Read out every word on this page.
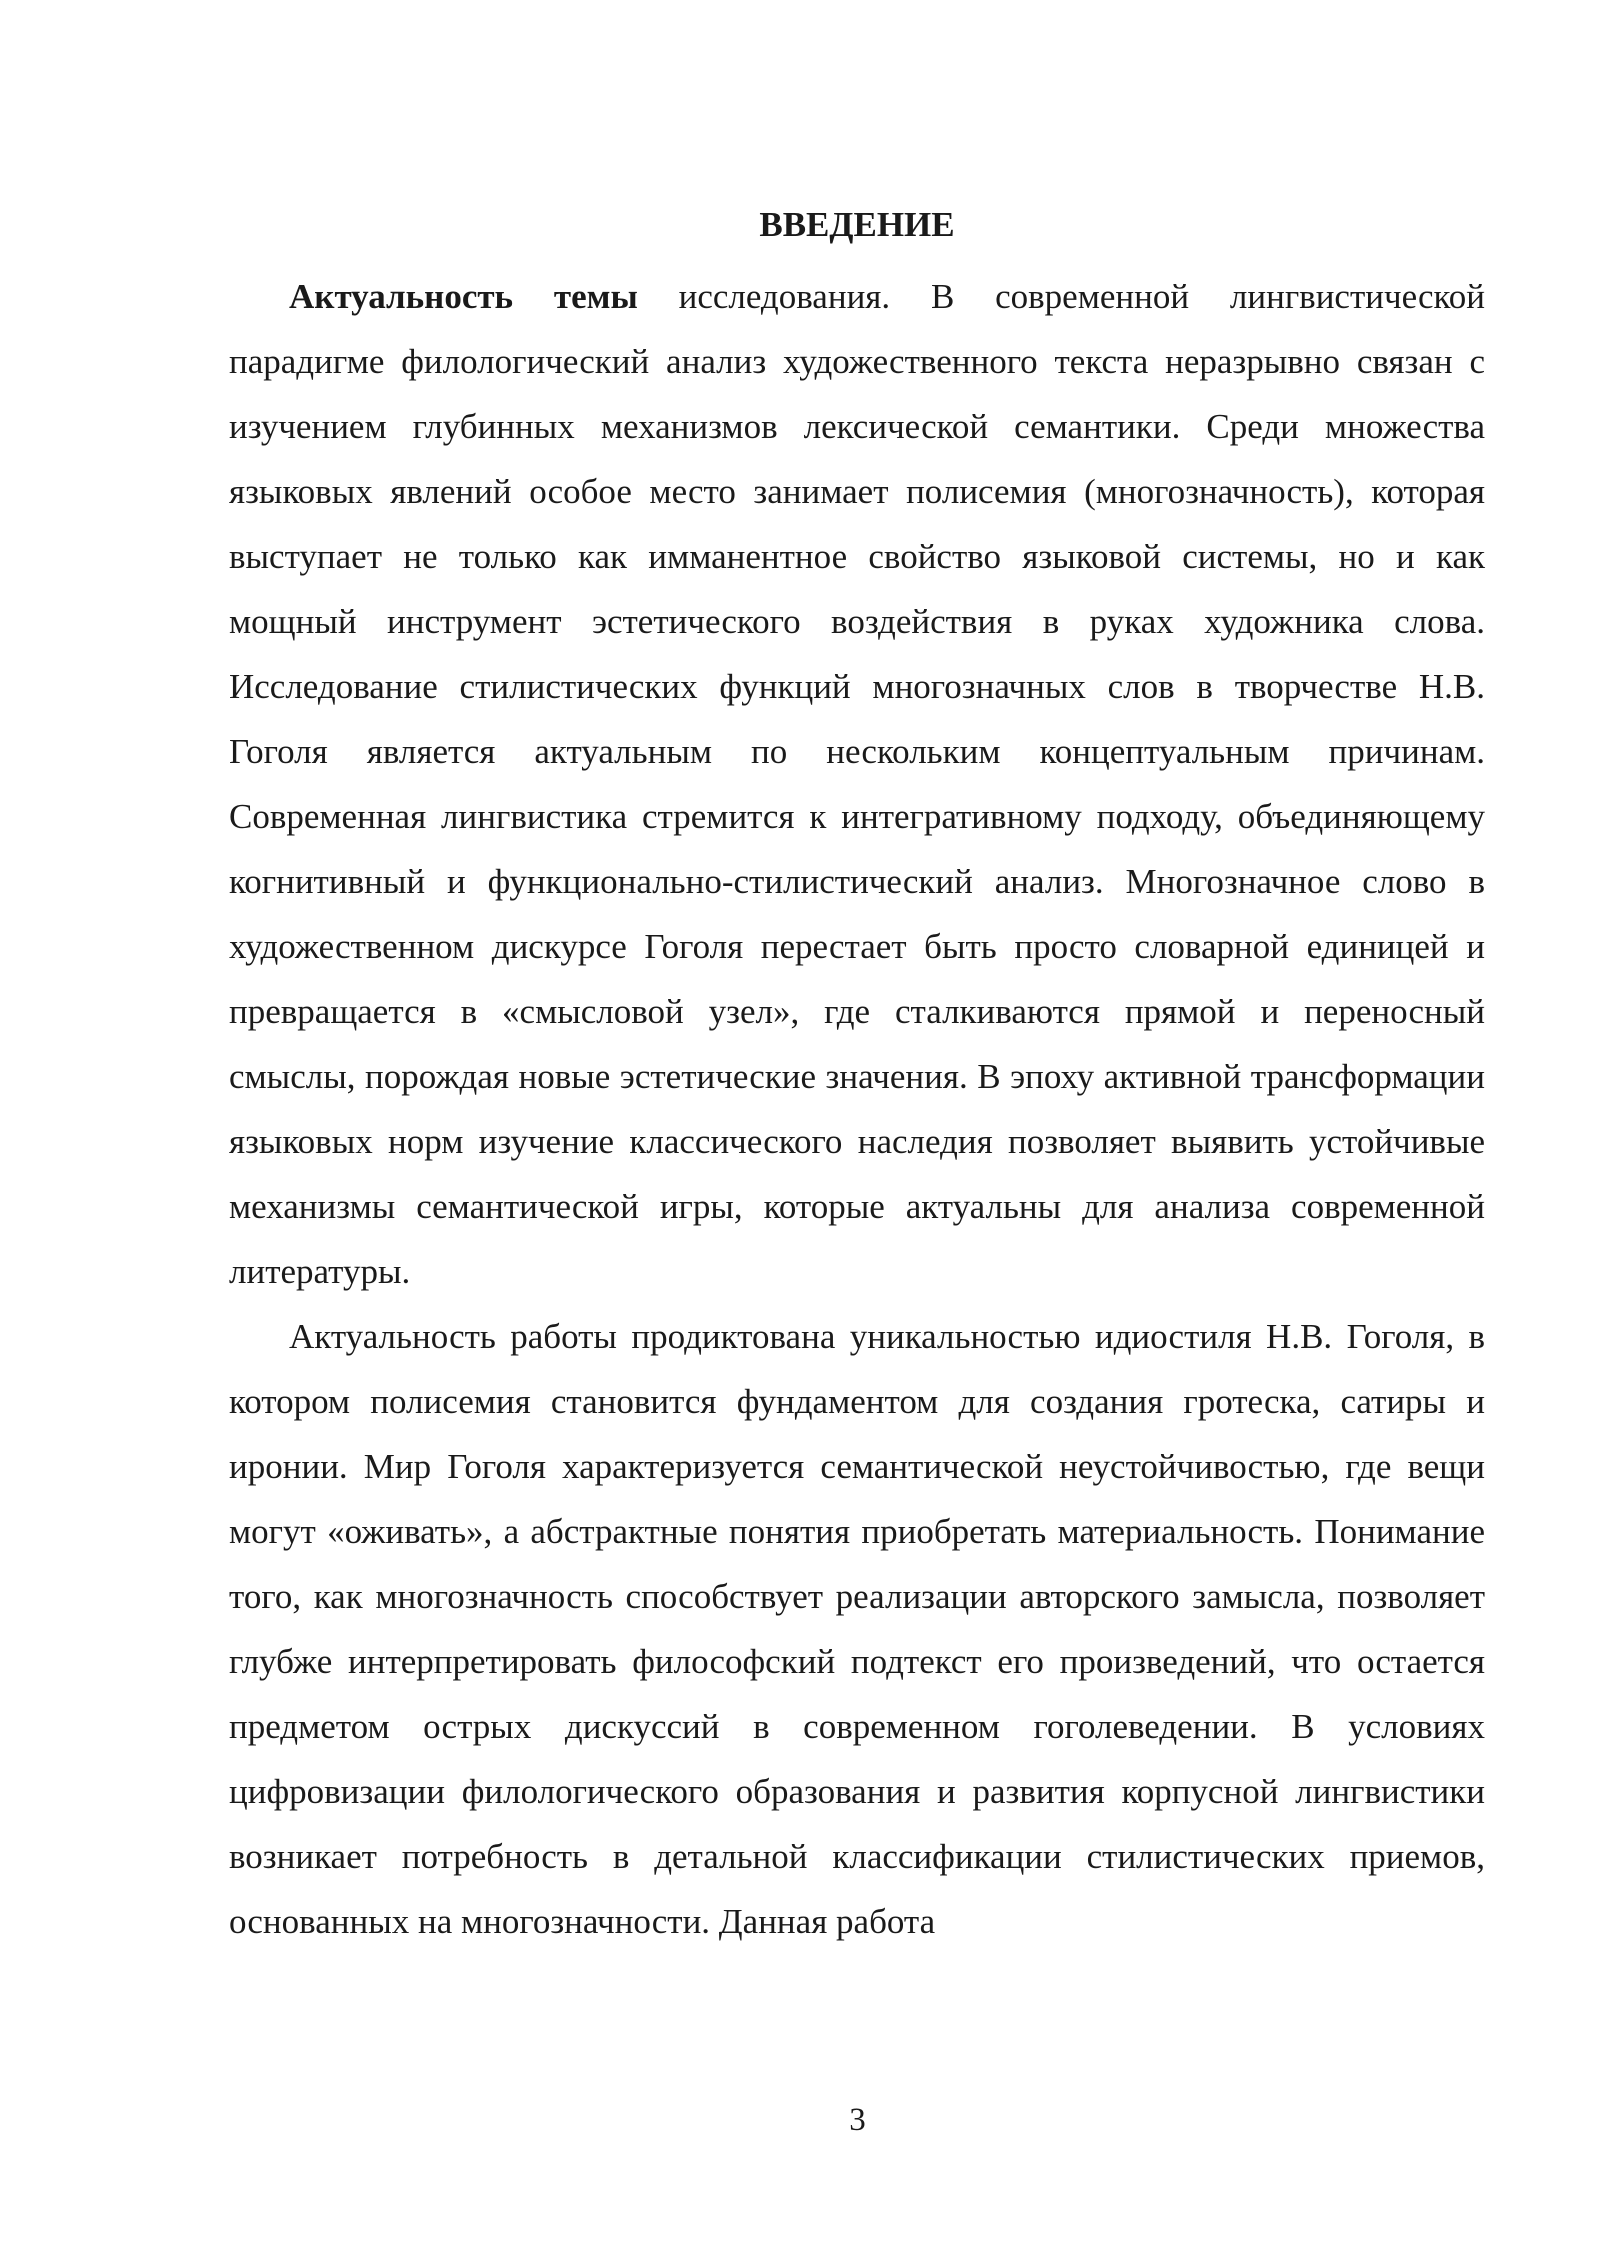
ВВЕДЕНИЕ

Актуальность темы исследования. В современной лингвистической парадигме филологический анализ художественного текста неразрывно связан с изучением глубинных механизмов лексической семантики. Среди множества языковых явлений особое место занимает полисемия (многозначность), которая выступает не только как имманентное свойство языковой системы, но и как мощный инструмент эстетического воздействия в руках художника слова. Исследование стилистических функций многозначных слов в творчестве Н.В. Гоголя является актуальным по нескольким концептуальным причинам. Современная лингвистика стремится к интегративному подходу, объединяющему когнитивный и функционально-стилистический анализ. Многозначное слово в художественном дискурсе Гоголя перестает быть просто словарной единицей и превращается в «смысловой узел», где сталкиваются прямой и переносный смыслы, порождая новые эстетические значения. В эпоху активной трансформации языковых норм изучение классического наследия позволяет выявить устойчивые механизмы семантической игры, которые актуальны для анализа современной литературы.

Актуальность работы продиктована уникальностью идиостиля Н.В. Гоголя, в котором полисемия становится фундаментом для создания гротеска, сатиры и иронии. Мир Гоголя характеризуется семантической неустойчивостью, где вещи могут «оживать», а абстрактные понятия приобретать материальность. Понимание того, как многозначность способствует реализации авторского замысла, позволяет глубже интерпретировать философский подтекст его произведений, что остается предметом острых дискуссий в современном гоголеведении. В условиях цифровизации филологического образования и развития корпусной лингвистики возникает потребность в детальной классификации стилистических приемов, основанных на многозначности. Данная работа

3
